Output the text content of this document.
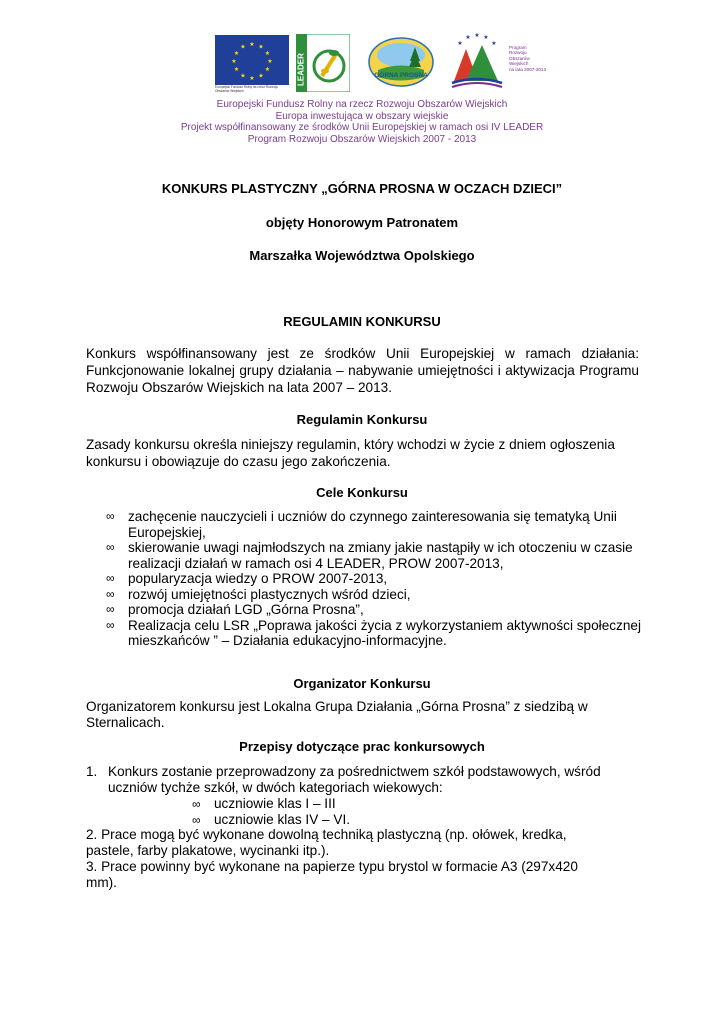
★ ★
★
★
★
★
★
★
★
★
★
★
Europejski Fundusz Rolny na rzecz Rozwoju Obszarów Wiejskich
LEADER	GÓRNA PROSNA
★
★ ★ ★
★
Program
Rozwoju
Obszarów
Wiejskich
na lata 2007-2013
Europejski Fundusz Rolny na rzecz Rozwoju Obszarów Wiejskich
Europa inwestująca w obszary wiejskie
Projekt współfinansowany ze środków Unii Europejskiej w ramach osi IV LEADER
Program Rozwoju Obszarów Wiejskich 2007 - 2013
KONKURS PLASTYCZNY „GÓRNA PROSNA W OCZACH DZIECI”
objęty Honorowym Patronatem
Marszałka Województwa Opolskiego
REGULAMIN KONKURSU
Konkurs współfinansowany jest ze środków Unii Europejskiej w ramach działania: Funkcjonowanie lokalnej grupy działania – nabywanie umiejętności i aktywizacja Programu Rozwoju Obszarów Wiejskich na lata 2007 – 2013.
Regulamin Konkursu
Zasady konkursu określa niniejszy regulamin, który wchodzi w życie z dniem ogłoszenia konkursu i obowiązuje do czasu jego zakończenia.
Cele Konkursu
∞ zachęcenie nauczycieli i uczniów do czynnego zainteresowania się tematyką Unii Europejskiej,
∞ skierowanie uwagi najmłodszych na zmiany jakie nastąpiły w ich otoczeniu w czasie realizacji działań w ramach osi 4 LEADER, PROW 2007-2013,
∞ popularyzacja wiedzy o PROW 2007-2013,
∞ rozwój umiejętności plastycznych wśród dzieci,
∞ promocja działań LGD „Górna Prosna”,
∞ Realizacja celu LSR „Poprawa jakości życia z wykorzystaniem aktywności społecznej mieszkańców ” – Działania edukacyjno-informacyjne.
Organizator Konkursu
Organizatorem konkursu jest Lokalna Grupa Działania „Górna Prosna” z siedzibą w Sternalicach.
Przepisy dotyczące prac konkursowych
1. Konkurs zostanie przeprowadzony za pośrednictwem szkół podstawowych, wśród uczniów tychże szkół, w dwóch kategoriach wiekowych:
∞ uczniowie klas I – III
∞ uczniowie klas IV – VI.
2. Prace mogą być wykonane dowolną techniką plastyczną (np. ołówek, kredka, pastele, farby plakatowe, wycinanki itp.).
3. Prace powinny być wykonane na papierze typu brystol w formacie A3 (297x420 mm).
